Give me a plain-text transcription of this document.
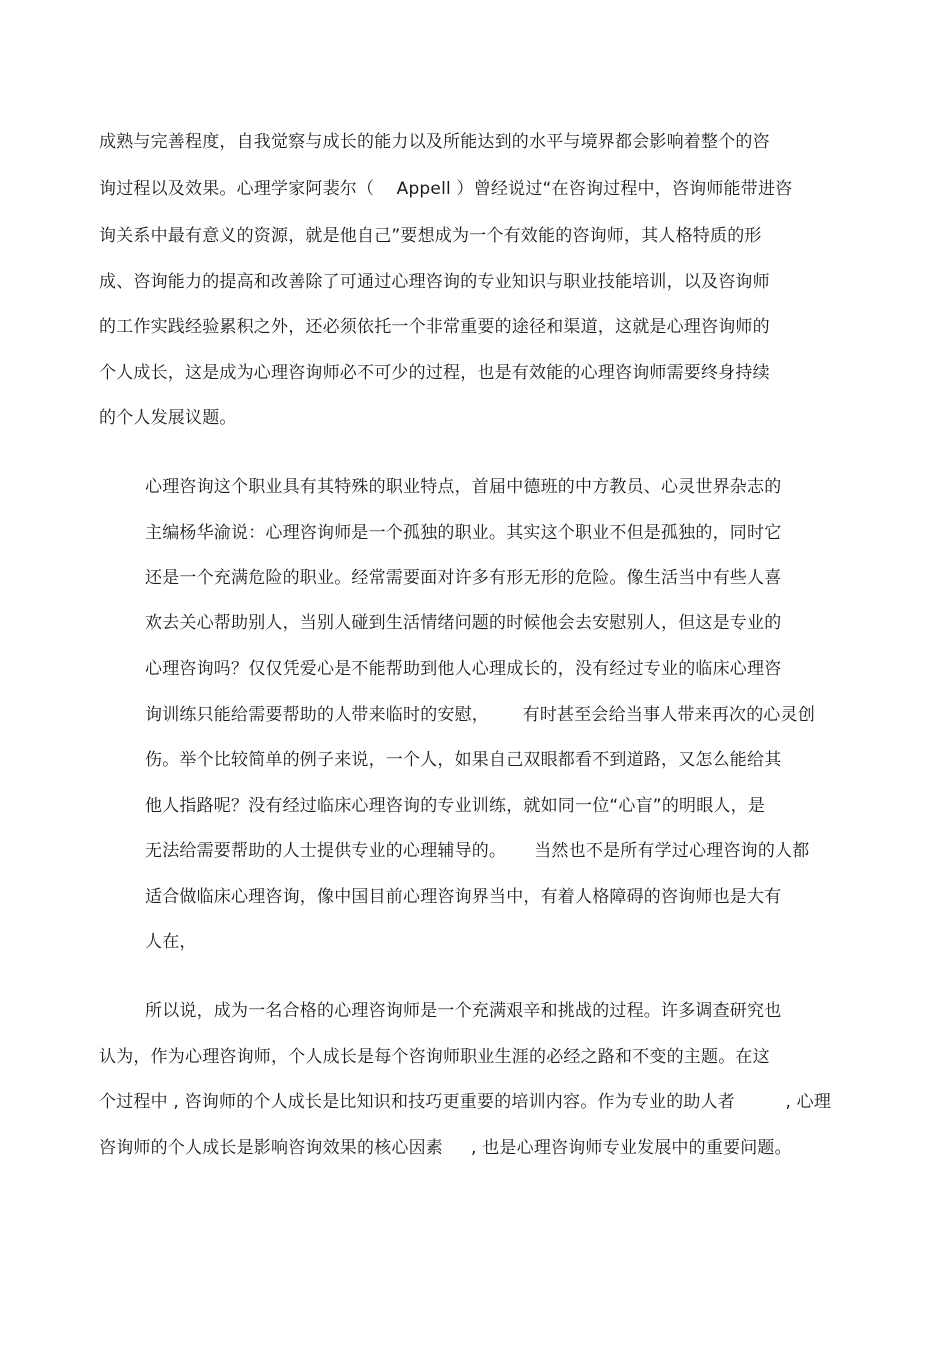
成熟与完善程度，自我觉察与成长的能力以及所能达到的水平与境界都会影响着整个的咨
询过程以及效果。心理学家阿裴尔（    Appell ）曾经说过“在咨询过程中，咨询师能带进咨
询关系中最有意义的资源，就是他自己”要想成为一个有效能的咨询师，其人格特质的形
成、咨询能力的提高和改善除了可通过心理咨询的专业知识与职业技能培训，以及咨询师
的工作实践经验累积之外，还必须依托一个非常重要的途径和渠道，这就是心理咨询师的
个人成长，这是成为心理咨询师必不可少的过程，也是有效能的心理咨询师需要终身持续
的个人发展议题。
心理咨询这个职业具有其特殊的职业特点，首届中德班的中方教员、心灵世界杂志的
主编杨华渝说：心理咨询师是一个孤独的职业。其实这个职业不但是孤独的，同时它
还是一个充满危险的职业。经常需要面对许多有形无形的危险。像生活当中有些人喜
欢去关心帮助别人，当别人碰到生活情绪问题的时候他会去安慰别人，但这是专业的
心理咨询吗？仅仅凭爱心是不能帮助到他人心理成长的，没有经过专业的临床心理咨
询训练只能给需要帮助的人带来临时的安慰，      有时甚至会给当事人带来再次的心灵创
伤。举个比较简单的例子来说，一个人，如果自己双眼都看不到道路，又怎么能给其
他人指路呢？没有经过临床心理咨询的专业训练，就如同一位“心盲”的明眼人，是
无法给需要帮助的人士提供专业的心理辅导的。     当然也不是所有学过心理咨询的人都
适合做临床心理咨询，像中国目前心理咨询界当中，有着人格障碍的咨询师也是大有
人在，
所以说，成为一名合格的心理咨询师是一个充满艰辛和挑战的过程。许多调查研究也
认为，作为心理咨询师，个人成长是每个咨询师职业生涯的必经之路和不变的主题。在这
个过程中 , 咨询师的个人成长是比知识和技巧更重要的培训内容。作为专业的助人者         , 心理
咨询师的个人成长是影响咨询效果的核心因素     , 也是心理咨询师专业发展中的重要问题。
